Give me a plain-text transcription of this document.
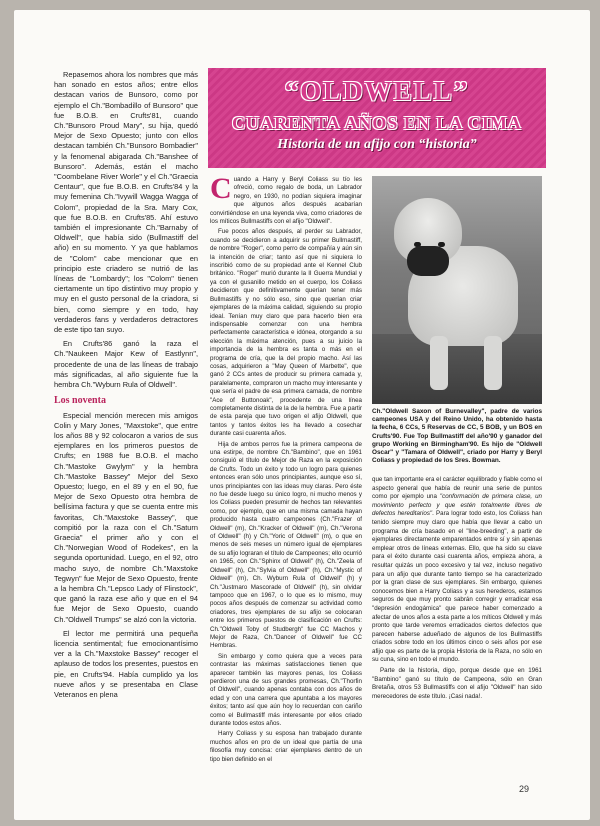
Repasemos ahora los nombres que más han sonado en estos años; entre ellos destacan varios de Bunsoro, como por ejemplo el Ch."Bombadillo of Bunsoro" que fue B.O.B. en Crufts'81, cuando Ch."Bunsoro Proud Mary", su hija, quedó Mejor de Sexo Opuesto; junto con ellos destacan también Ch."Bunsoro Bombadier" y la fenomenal abigarada Ch."Banshee of Bunsoro". Además, están el macho "Coombelane River Worle" y el Ch."Graecia Centaur", que fue B.O.B. en Crufts'84 y la muy femenina Ch."Ivywill Wagga Wagga of Colom", propiedad de la Sra. Mary Cox, que fue B.O.B. en Crufts'85. Ahí estuvo también el impresionante Ch."Barnaby of Oldwell", que había sido (Bullmastiff del año) en su momento. Y ya que hablamos de "Colom" cabe mencionar que en principio este criadero se nutrió de las líneas de "Lombardy"; los "Colom" tienen ciertamente un tipo distintivo muy propio y muy en el gusto personal de la criadora, si bien, como siempre y en todo, hay verdaderos fans y verdaderos detractores de este tipo tan suyo.

En Crufts'86 ganó la raza el Ch."Naukeen Major Kew of Eastlynn", procedente de una de las líneas de trabajo más significadas, al año siguiente fue la hembra Ch."Wyburn Rula of Oldwell".

Los noventa

Especial mención merecen mis amigos Colin y Mary Jones, "Maxstoke", que entre los años 88 y 92 colocaron a varios de sus ejemplares en los primeros puestos de Crufts; en 1988 fue B.O.B. el macho Ch."Mastoke Gwylym" y la hembra Ch."Mastoke Bassey" Mejor del Sexo Opuesto; luego, en el 89 y en el 90, fue Mejor de Sexo Opuesto otra hembra de bellísima factura y que se cuenta entre mis favoritas, Ch."Maxstoke Bassey", que compitió por la raza con el Ch."Saturn Graecia" el primer año y con el Ch."Norwegian Wood of Rodekes", en la segunda oportunidad. Luego, en el 92, otro macho suyo, de nombre Ch."Maxstoke Tegwyn" fue Mejor de Sexo Opuesto, frente a la hembra Ch."Lepsco Lady of Flinstock", que ganó la raza ese año y que en el 94 fue Mejor de Sexo Opuesto, cuando Ch."Oldwell Trumps" se alzó con la victoria.

El lector me permitirá una pequeña licencia sentimental; fue emocionantísimo ver a la Ch."Maxstoke Bassey" recoger el aplauso de todos los presentes, puestos en pie, en Crufts'94. Había cumplido ya los nueve años y se presentaba en Clase Veteranos en plena

“OLDWELL”
CUARENTA AÑOS EN LA CIMA
Historia de un afijo con “historia”

Cuando a Harry y Beryl Coliass su tío les ofreció, como regalo de boda, un Labrador negro, en 1930, no podían siquiera imaginar que algunos años después acabarían convirtiéndose en una leyenda viva, como criadores de los míticos Bullmastiffs con el afijo "Oldwell".

Fue pocos años después, al perder su Labrador, cuando se decidieron a adquirir su primer Bullmastiff, de nombre "Roger", como perro de compañía y aún sin la intención de criar; tanto así que ni siquiera lo inscribió como de su propiedad ante el Kennel Club británico. "Roger" murió durante la II Guerra Mundial y ya con el gusanillo metido en el cuerpo, los Coliass decidieron que definitivamente querían tener más Bullmastiffs y no sólo eso, sino que querían criar ejemplares de la máxima calidad, siguiendo su propio ideal. Tenían muy claro que para hacerlo bien era indispensable comenzar con una hembra perfectamente característica e idónea, otorgando a su elección la máxima atención, pues a su juicio la importancia de la hembra es tanta o más en el programa de cría, que la del propio macho. Así las cosas, adquirieron a "May Queen of Marbette", que ganó 2 CCs antes de producir su primera camada y, paralelamente, compraron un macho muy interesante y que sería el padre de esa primera camada, de nombre "Ace of Buttonoak", procedente de una línea completamente distinta de la de la hembra. Fue a partir de esta pareja que tuvo origen el afijo Oldwell, que tantos y tantos éxitos les ha llevado a cosechar durante casi cuarenta años.

Hija de ambos perros fue la primera campeona de una estirpe, de nombre Ch."Bambino", que en 1961 consiguió el título de Mejor de Raza en la exposición de Crufts. Todo un éxito y todo un logro para quienes entonces eran sólo unos principiantes, aunque eso sí, unos principiantes con las ideas muy claras. Pero éste no fue desde luego su único logro, ni mucho menos y los Coliass pueden presumir de hechos tan relevantes como, por ejemplo, que en una misma camada hayan producido hasta cuatro campeones (Ch."Frazer of Oldwell" (m), Ch."Kracker of Oldwell" (m), Ch."Verona of Oldwell" (h) y Ch."Yoric of Oldwell" (m), o que en menos de seis meses un número igual de ejemplares de su afijo lograran el título de Campeones; ello ocurrió en 1965, con Ch."Sphinx of Oldwell" (h), Ch."Zeela of Oldwell" (h), Ch."Sylvia of Oldwell" (h), Ch."Mystic of Oldwell" (m), Ch. Wyburn Rula of Oldwell" (h) y Ch."Justmaro Mascorade of Oldwell" (h), sin olvidar tampoco que en 1967, o lo que es lo mismo, muy pocos años después de comenzar su actividad como criadores, tres ejemplares de su afijo se colocaran entre los primeros puestos de clasificación en Crufts: Ch."Oldwell Toby of Studbergh" fue CC Machos y Mejor de Raza, Ch."Dancer of Oldwell" fue CC Hembras.

Sin embargo y como quiera que a veces para contrastar las máximas satisfacciones tienen que aparecer también las mayores penas, los Coliass perdieron una de sus grandes promesas, Ch."Thorfin of Oldwell", cuando apenas contaba con dos años de edad y con una carrera que apuntaba a los mayores éxitos; tanto así que aún hoy lo recuerdan con cariño como el Bullmastiff más interesante por ellos criado durante todos estos años.

Harry Coliass y su esposa han trabajado durante muchos años en pro de un ideal que partía de una filosofía muy concisa: criar ejemplares dentro de un tipo bien definido en el

Ch."Oldwell Saxon of Burnevalley", padre de varios campeones USA y del Reino Unido, ha obtenido hasta la fecha, 6 CCs, 5 Reservas de CC, 5 BOB, y un BOS en Crufts'90. Fue Top Bullmastiff del año'90 y ganador del grupo Working en Birmingham'90. Es hijo de "Oldwell Oscar" y "Tamara of Oldwell", criado por Harry y Beryl Coliass y propiedad de los Sres. Bowman.

que tan importante era el carácter equilibrado y fiable como el aspecto general que había de reunir una serie de puntos como por ejemplo una "conformación de primera clase, un movimiento perfecto y que estén totalmente libres de defectos hereditarios". Para lograr todo esto, los Coliass han tenido siempre muy claro que había que llevar a cabo un programa de cría basado en el "line-breeding", a partir de ejemplares directamente emparentados entre sí y sin apenas emplear otros de líneas externas. Ello, que ha sido su clave para el éxito durante casi cuarenta años, empieza ahora, a resultar quizás un poco excesivo y tal vez, incluso negativo para un afijo que durante tanto tiempo se ha caracterizado por la gran clase de sus ejemplares. Sin embargo, quienes conocemos bien a Harry Coliass y a sus herederos, estamos seguros de que muy pronto sabrán corregir y erradicar esa "depresión endogámica" que parece haber comenzado a afectar de unos años a esta parte a los míticos Oldwell y más pronto que tarde veremos erradicados ciertos defectos que parecen haberse adueñado de algunos de los Bullmastiffs criados sobre todo en los últimos cinco o seis años por ese afijo que es parte de la propia Historia de la Raza, no sólo en su cuna, sino en todo el mundo.

Parte de la historia, digo, porque desde que en 1961 "Bambino" ganó su título de Campeona, sólo en Gran Bretaña, otros 53 Bullmastiffs con el afijo "Oldwell" han sido merecedores de este título. ¡Casi nada!.

29
